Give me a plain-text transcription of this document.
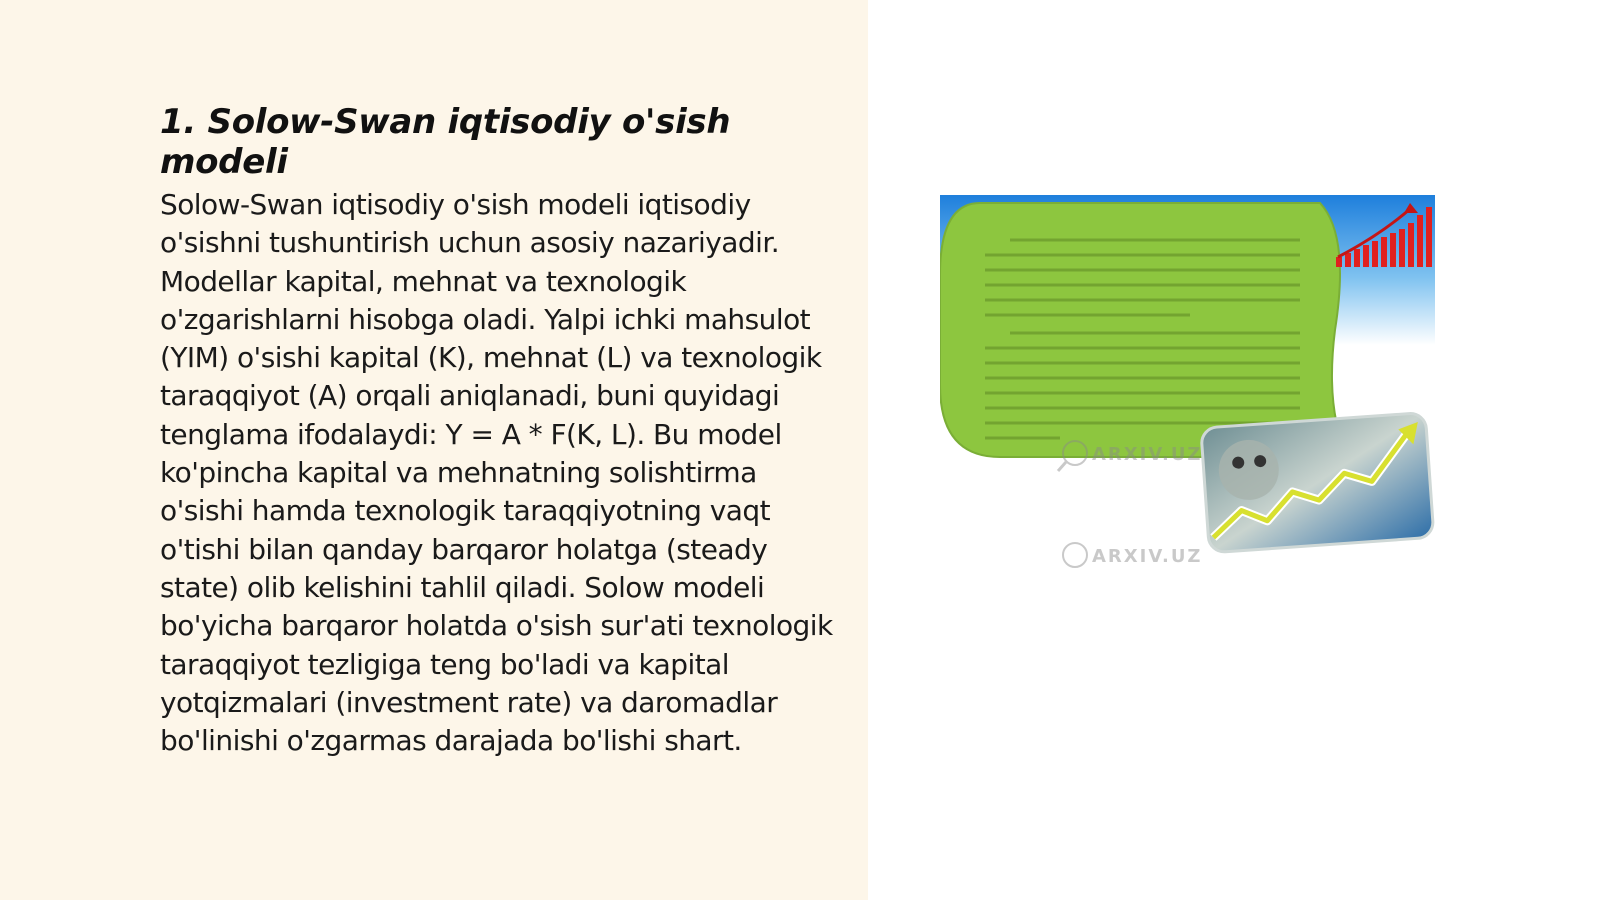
1. Solow-Swan iqtisodiy o'sish modeli

Solow-Swan iqtisodiy o'sish modeli iqtisodiy o'sishni tushuntirish uchun asosiy nazariyadir. Modellar kapital, mehnat va texnologik o'zgarishlarni hisobga oladi. Yalpi ichki mahsulot (YIM) o'sishi kapital (K), mehnat (L) va texnologik taraqqiyot (A) orqali aniqlanadi, buni quyidagi tenglama ifodalaydi: Y = A * F(K, L). Bu model ko'pincha kapital va mehnatning solishtirma o'sishi hamda texnologik taraqqiyotning vaqt o'tishi bilan qanday barqaror holatga (steady state) olib kelishini tahlil qiladi. Solow modeli bo'yicha barqaror holatda o'sish sur'ati texnologik taraqqiyot tezligiga teng bo'ladi va kapital yotqizmalari (investment rate) va daromadlar bo'linishi o'zgarmas darajada bo'lishi shart.

ARXIV.UZ
ARXIV.UZ
